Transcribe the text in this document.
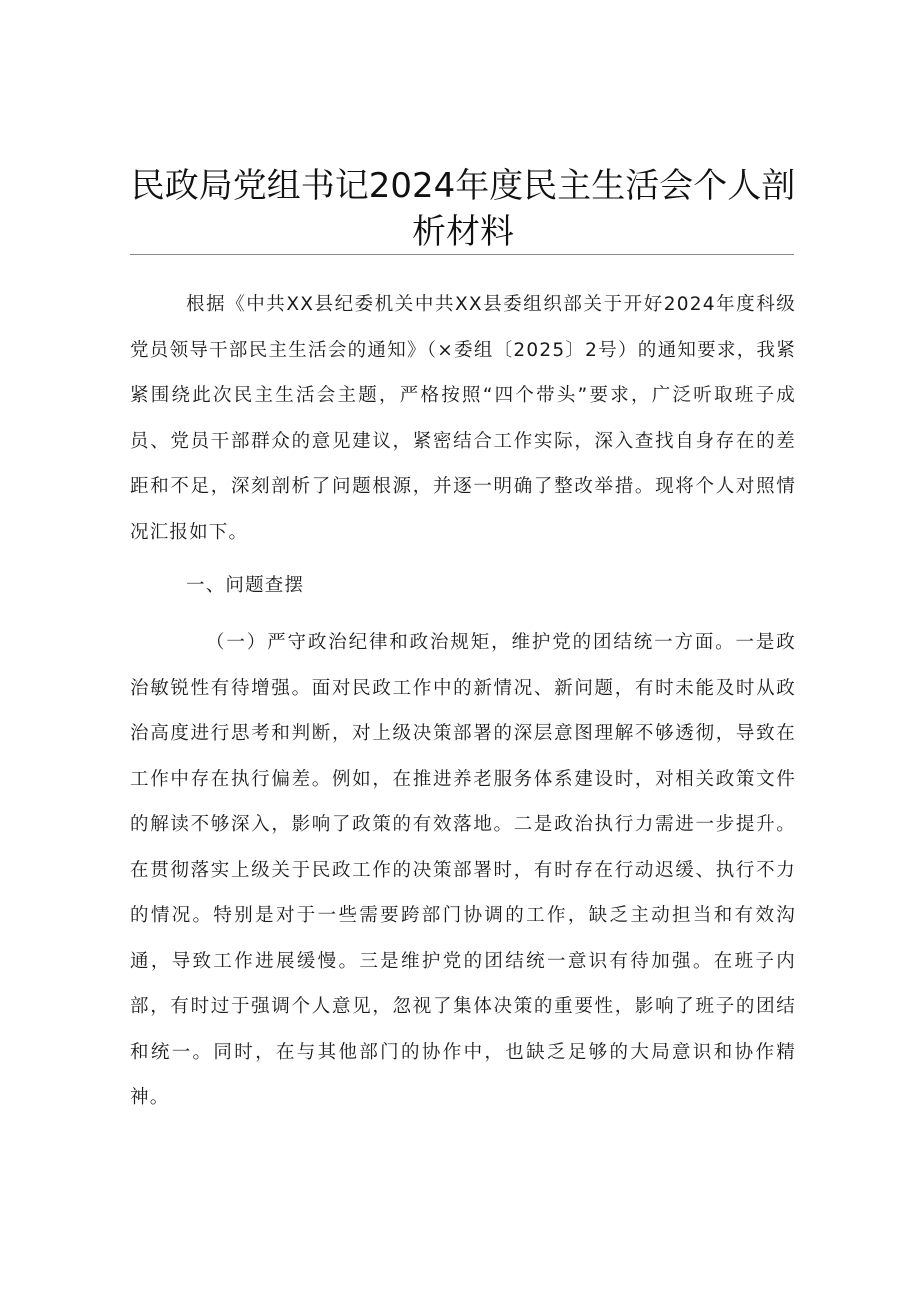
民政局党组书记2024年度民主生活会个人剖
析材料

根据《中共XX县纪委机关中共XX县委组织部关于开好2024年度科级党员领导干部民主生活会的通知》（×委组〔2025〕2号）的通知要求，我紧紧围绕此次民主生活会主题，严格按照“四个带头”要求，广泛听取班子成员、党员干部群众的意见建议，紧密结合工作实际，深入查找自身存在的差距和不足，深刻剖析了问题根源，并逐一明确了整改举措。现将个人对照情况汇报如下。

一、问题查摆

（一）严守政治纪律和政治规矩，维护党的团结统一方面。一是政治敏锐性有待增强。面对民政工作中的新情况、新问题，有时未能及时从政治高度进行思考和判断，对上级决策部署的深层意图理解不够透彻，导致在工作中存在执行偏差。例如，在推进养老服务体系建设时，对相关政策文件的解读不够深入，影响了政策的有效落地。二是政治执行力需进一步提升。在贯彻落实上级关于民政工作的决策部署时，有时存在行动迟缓、执行不力的情况。特别是对于一些需要跨部门协调的工作，缺乏主动担当和有效沟通，导致工作进展缓慢。三是维护党的团结统一意识有待加强。在班子内部，有时过于强调个人意见，忽视了集体决策的重要性，影响了班子的团结和统一。同时，在与其他部门的协作中，也缺乏足够的大局意识和协作精神。
